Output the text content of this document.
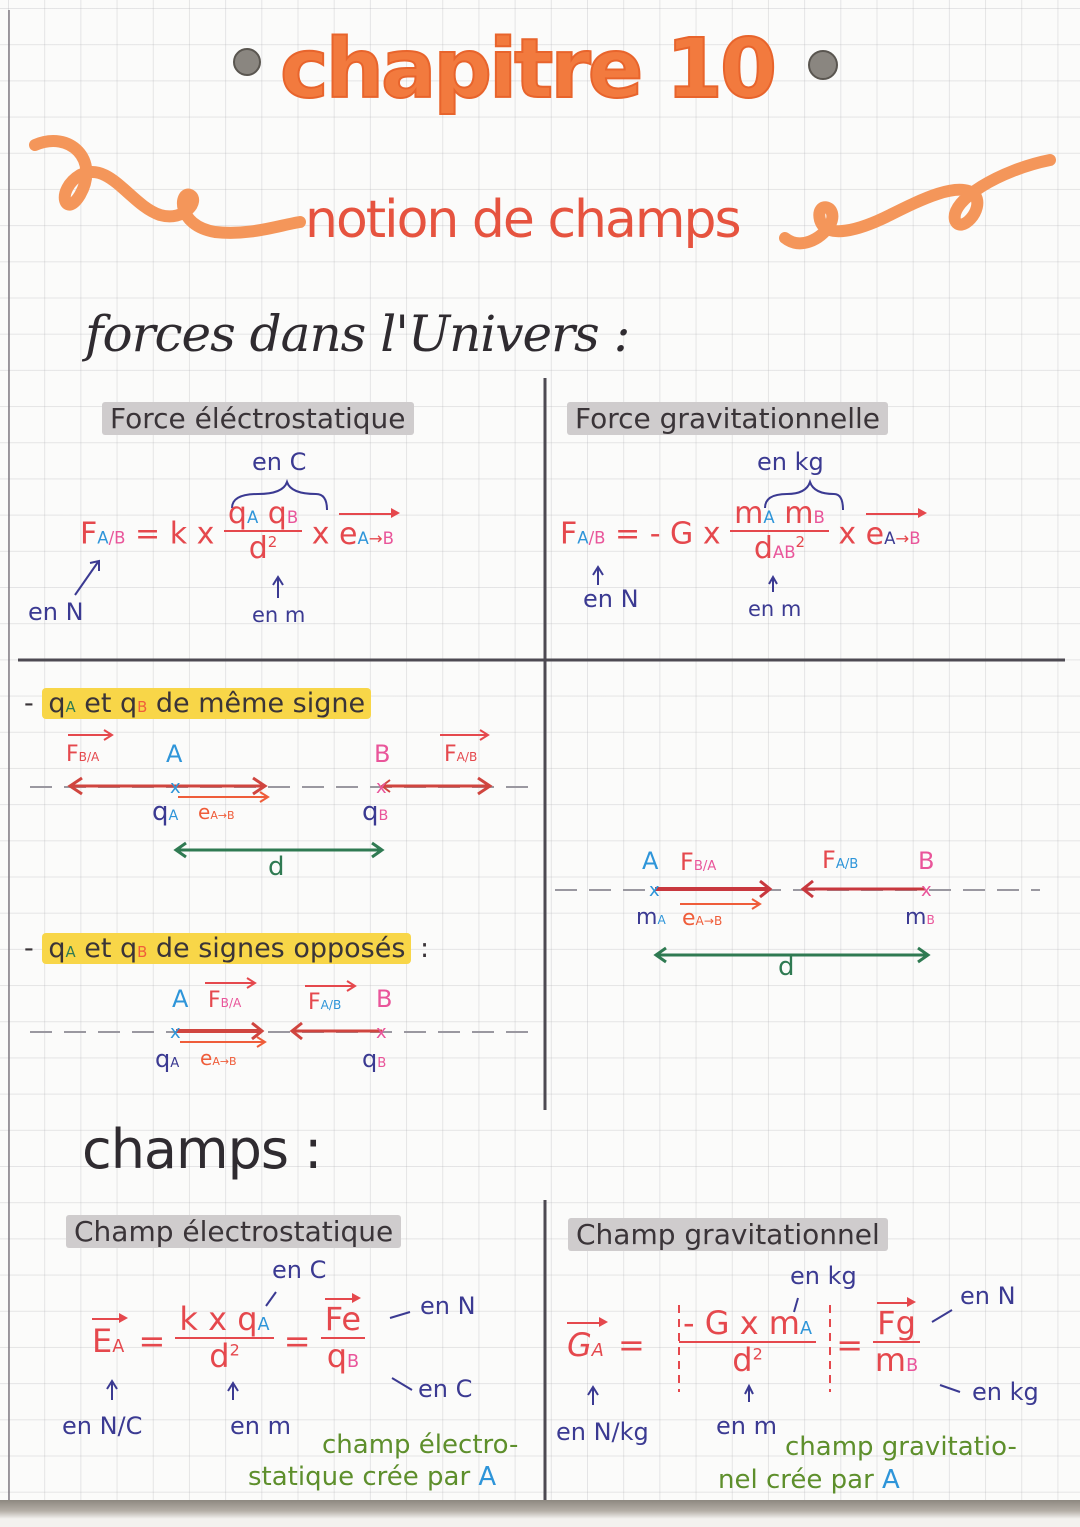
x	x
x	x
x	x
chapitre 10
notion de champs
forces dans l'Univers :
Force éléctrostatique
en C
FA/B = k x $\frac{\text{qA qB}}{d^2}$ x eA→B
en N	en m
Force gravitationnelle
en kg
FA/B = - G x $\frac{\text{mA mB}}{dAB^2}$ x eA→B
en N	en m
- qA et qB de même signe
FB/A	A	B FA/B
qA eA→B	qB
d
- qA et qB de signes opposés :
A FB/A	FA/B B
qA eA→B	qB
A FB/A	FA/B B
mA eA→B	mB
d
champs :
Champ électrostatique
en C
EA = $\frac{\text{k x qA}}{d^2} = \frac{Fe}{qB}$ en N
en C
en N/C	en m
champ électro-
statique crée par A
Champ gravitationnel
en kg
GA = $\frac{\text{- G x mA}}{d^2} = \frac{Fg}{mB}$
en N
en kg
en N/kg	en m
champ gravitatio-
nel crée par A
